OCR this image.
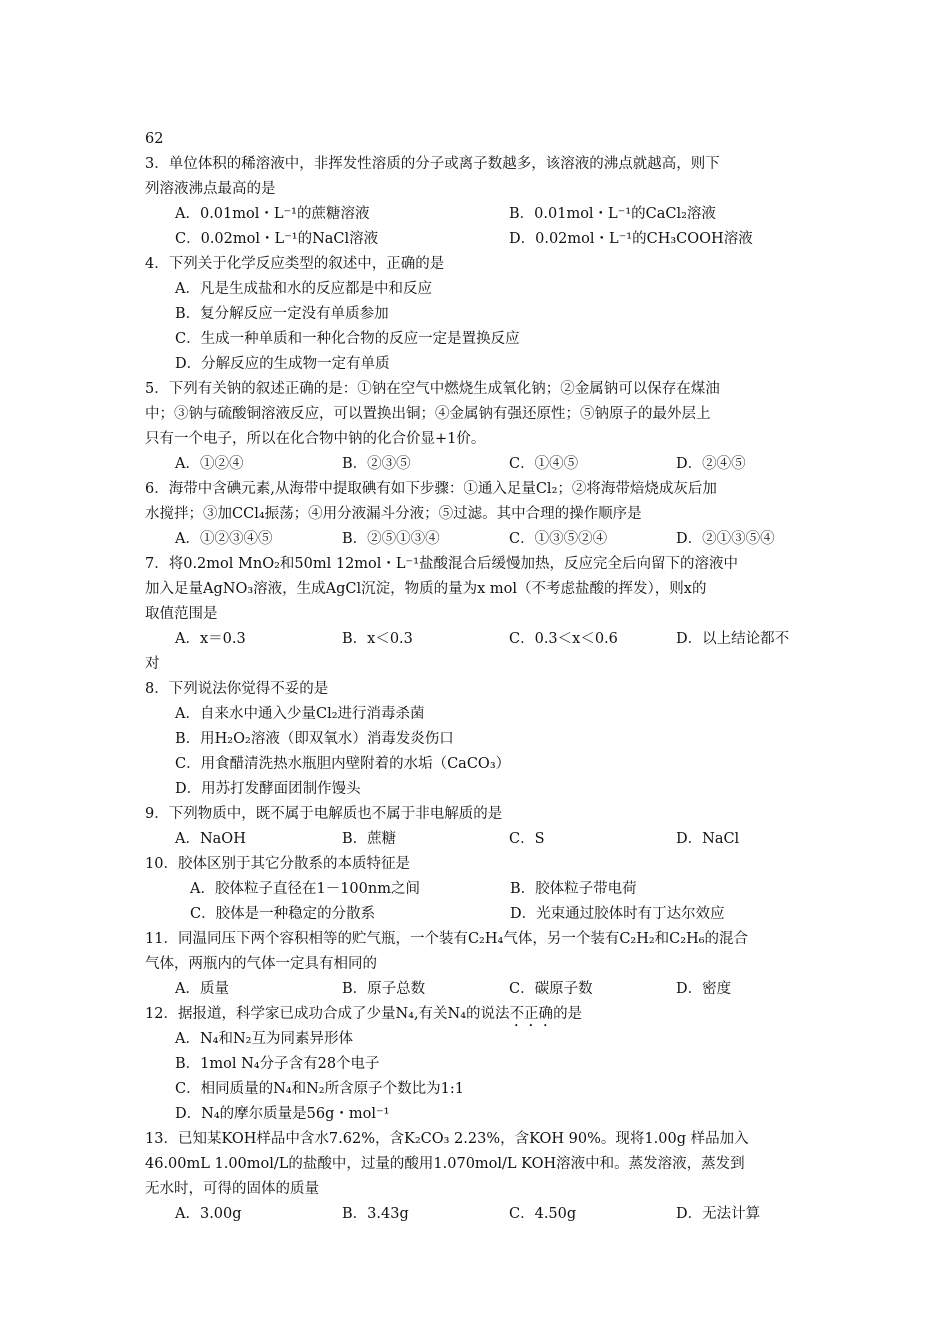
62
3．单位体积的稀溶液中，非挥发性溶质的分子或离子数越多，该溶液的沸点就越高，则下
列溶液沸点最高的是
A．0.01mol・L⁻¹的蔗糖溶液	B．0.01mol・L⁻¹的CaCl₂溶液
C．0.02mol・L⁻¹的NaCl溶液	D．0.02mol・L⁻¹的CH₃COOH溶液
4．下列关于化学反应类型的叙述中，正确的是
A．凡是生成盐和水的反应都是中和反应
B．复分解反应一定没有单质参加
C．生成一种单质和一种化合物的反应一定是置换反应
D．分解反应的生成物一定有单质
5．下列有关钠的叙述正确的是：①钠在空气中燃烧生成氧化钠；②金属钠可以保存在煤油
中；③钠与硫酸铜溶液反应，可以置换出铜；④金属钠有强还原性；⑤钠原子的最外层上
只有一个电子，所以在化合物中钠的化合价显+1价。
A．①②④	B．②③⑤	C．①④⑤	D．②④⑤
6．海带中含碘元素,从海带中提取碘有如下步骤：①通入足量Cl₂；②将海带焙烧成灰后加
水搅拌；③加CCl₄振荡；④用分液漏斗分液；⑤过滤。其中合理的操作顺序是
A．①②③④⑤	B．②⑤①③④	C．①③⑤②④	D．②①③⑤④
7．将0.2mol MnO₂和50ml 12mol・L⁻¹盐酸混合后缓慢加热，反应完全后向留下的溶液中
加入足量AgNO₃溶液，生成AgCl沉淀，物质的量为x mol（不考虑盐酸的挥发），则x的
取值范围是
A．x＝0.3	B．x＜0.3	C．0.3＜x＜0.6	D．以上结论都不
对
8．下列说法你觉得不妥的是
A．自来水中通入少量Cl₂进行消毒杀菌
B．用H₂O₂溶液（即双氧水）消毒发炎伤口
C．用食醋清洗热水瓶胆内壁附着的水垢（CaCO₃）
D．用苏打发酵面团制作馒头
9．下列物质中，既不属于电解质也不属于非电解质的是
A．NaOH	B．蔗糖	C．S	D．NaCl
10．胶体区别于其它分散系的本质特征是
A．胶体粒子直径在1－100nm之间	B．胶体粒子带电荷
C．胶体是一种稳定的分散系	D．光束通过胶体时有丁达尔效应
11．同温同压下两个容积相等的贮气瓶，一个装有C₂H₄气体，另一个装有C₂H₂和C₂H₆的混合
气体，两瓶内的气体一定具有相同的
A．质量	B．原子总数	C．碳原子数	D．密度
12．据报道，科学家已成功合成了少量N₄,有关N₄的说法不正确的是
A．N₄和N₂互为同素异形体
B．1mol N₄分子含有28个电子
C．相同质量的N₄和N₂所含原子个数比为1:1
D．N₄的摩尔质量是56g・mol⁻¹
13．已知某KOH样品中含水7.62%，含K₂CO₃ 2.23%，含KOH 90%。现将1.00g 样品加入
46.00mL 1.00mol/L的盐酸中，过量的酸用1.070mol/L KOH溶液中和。蒸发溶液，蒸发到
无水时，可得的固体的质量
A．3.00g	B．3.43g	C．4.50g	D．无法计算
